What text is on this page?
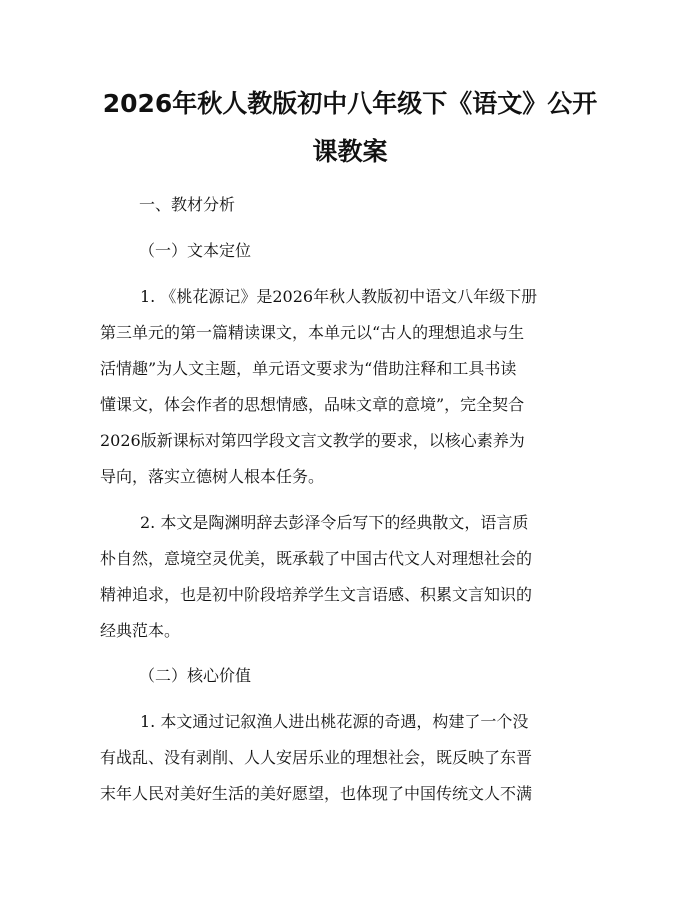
2026年秋人教版初中八年级下《语文》公开
课教案
一、教材分析
（一）文本定位
1. 《桃花源记》是2026年秋人教版初中语文八年级下册
第三单元的第一篇精读课文，本单元以“古人的理想追求与生
活情趣”为人文主题，单元语文要求为“借助注释和工具书读
懂课文，体会作者的思想情感，品味文章的意境”，完全契合
2026版新课标对第四学段文言文教学的要求，以核心素养为
导向，落实立德树人根本任务。
2. 本文是陶渊明辞去彭泽令后写下的经典散文，语言质
朴自然，意境空灵优美，既承载了中国古代文人对理想社会的
精神追求，也是初中阶段培养学生文言语感、积累文言知识的
经典范本。
（二）核心价值
1. 本文通过记叙渔人进出桃花源的奇遇，构建了一个没
有战乱、没有剥削、人人安居乐业的理想社会，既反映了东晋
末年人民对美好生活的美好愿望，也体现了中国传统文人不满
